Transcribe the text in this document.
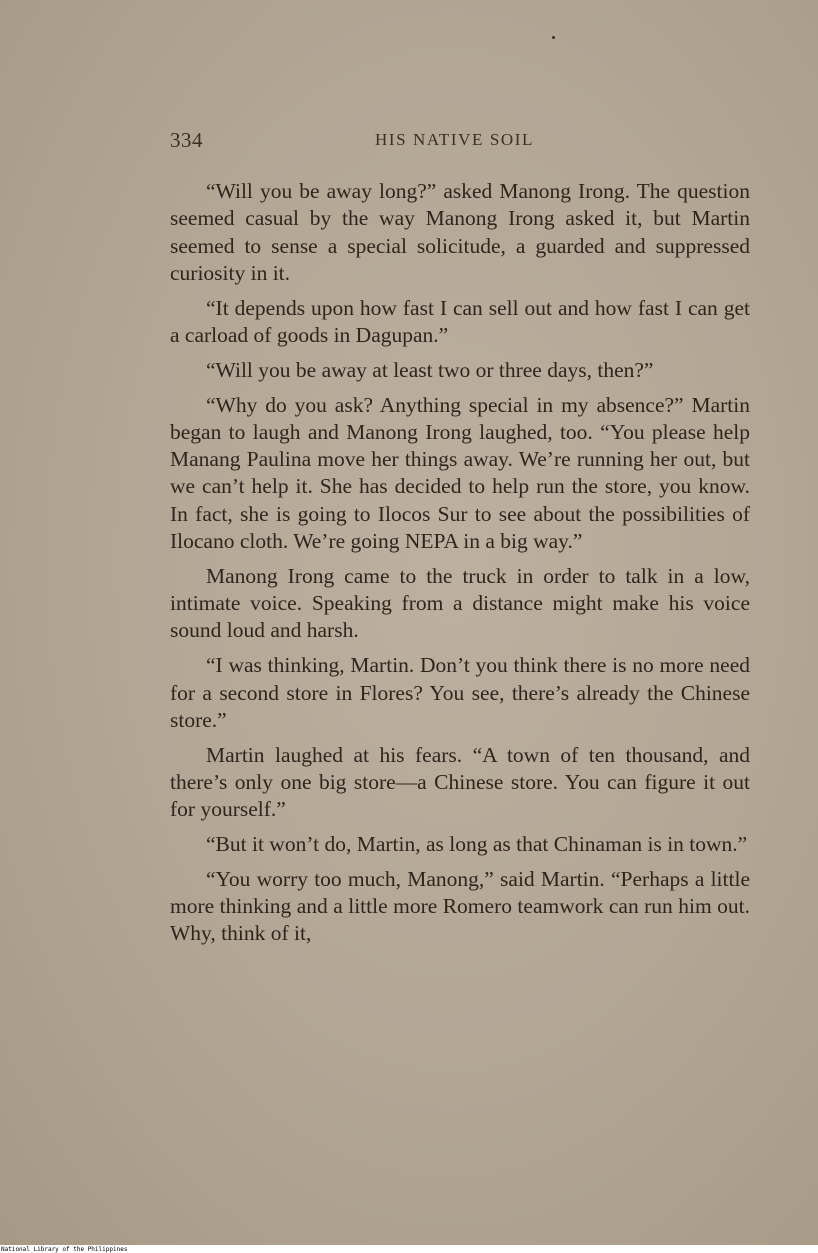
334	HIS NATIVE SOIL

“Will you be away long?” asked Manong Irong. The question seemed casual by the way Manong Irong asked it, but Martin seemed to sense a special solicitude, a guarded and suppressed curiosity in it.

“It depends upon how fast I can sell out and how fast I can get a carload of goods in Dagupan.”

“Will you be away at least two or three days, then?”

“Why do you ask? Anything special in my absence?” Martin began to laugh and Manong Irong laughed, too. “You please help Manang Paulina move her things away. We’re running her out, but we can’t help it. She has decided to help run the store, you know. In fact, she is going to Ilocos Sur to see about the possibilities of Ilocano cloth. We’re going NEPA in a big way.”

Manong Irong came to the truck in order to talk in a low, intimate voice. Speaking from a distance might make his voice sound loud and harsh.

“I was thinking, Martin. Don’t you think there is no more need for a second store in Flores? You see, there’s already the Chinese store.”

Martin laughed at his fears. “A town of ten thousand, and there’s only one big store—a Chinese store. You can figure it out for yourself.”

“But it won’t do, Martin, as long as that Chinaman is in town.”

“You worry too much, Manong,” said Martin. “Perhaps a little more thinking and a little more Romero teamwork can run him out. Why, think of it,

National Library of the Philippines
